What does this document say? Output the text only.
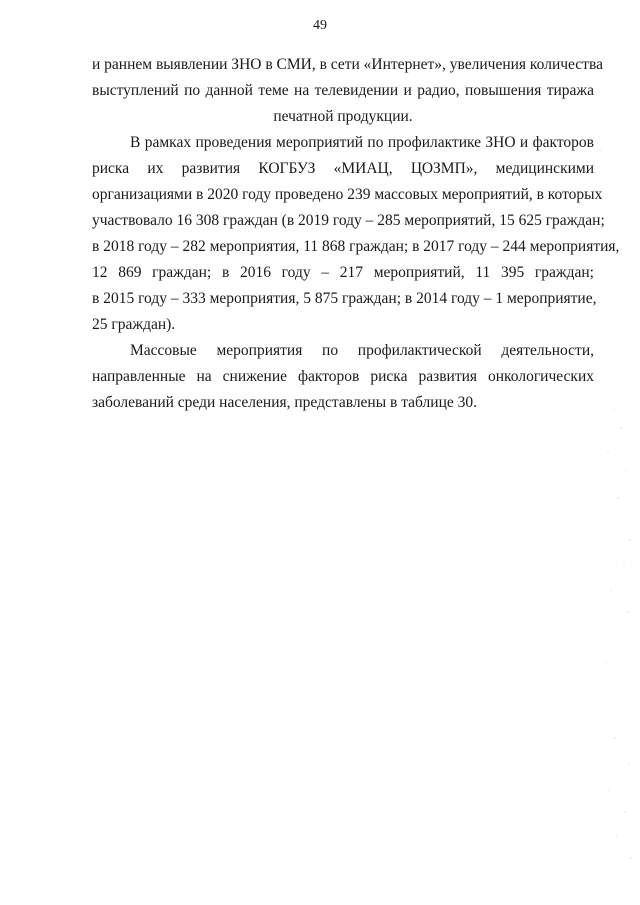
49
и раннем выявлении ЗНО в СМИ, в сети «Интернет», увеличения количества
выступлений по данной теме на телевидении и радио, повышения тиража
печатной продукции.
В рамках проведения мероприятий по профилактике ЗНО и факторов
риска их развития КОГБУЗ «МИАЦ, ЦОЗМП», медицинскими
организациями в 2020 году проведено 239 массовых мероприятий, в которых
участвовало 16 308 граждан (в 2019 году – 285 мероприятий, 15 625 граждан;
в 2018 году – 282 мероприятия, 11 868 граждан; в 2017 году – 244 мероприятия,
12 869 граждан; в 2016 году – 217 мероприятий, 11 395 граждан;
в 2015 году – 333 мероприятия, 5 875 граждан; в 2014 году – 1 мероприятие,
25 граждан).
Массовые мероприятия по профилактической деятельности,
направленные на снижение факторов риска развития онкологических
заболеваний среди населения, представлены в таблице 30.
